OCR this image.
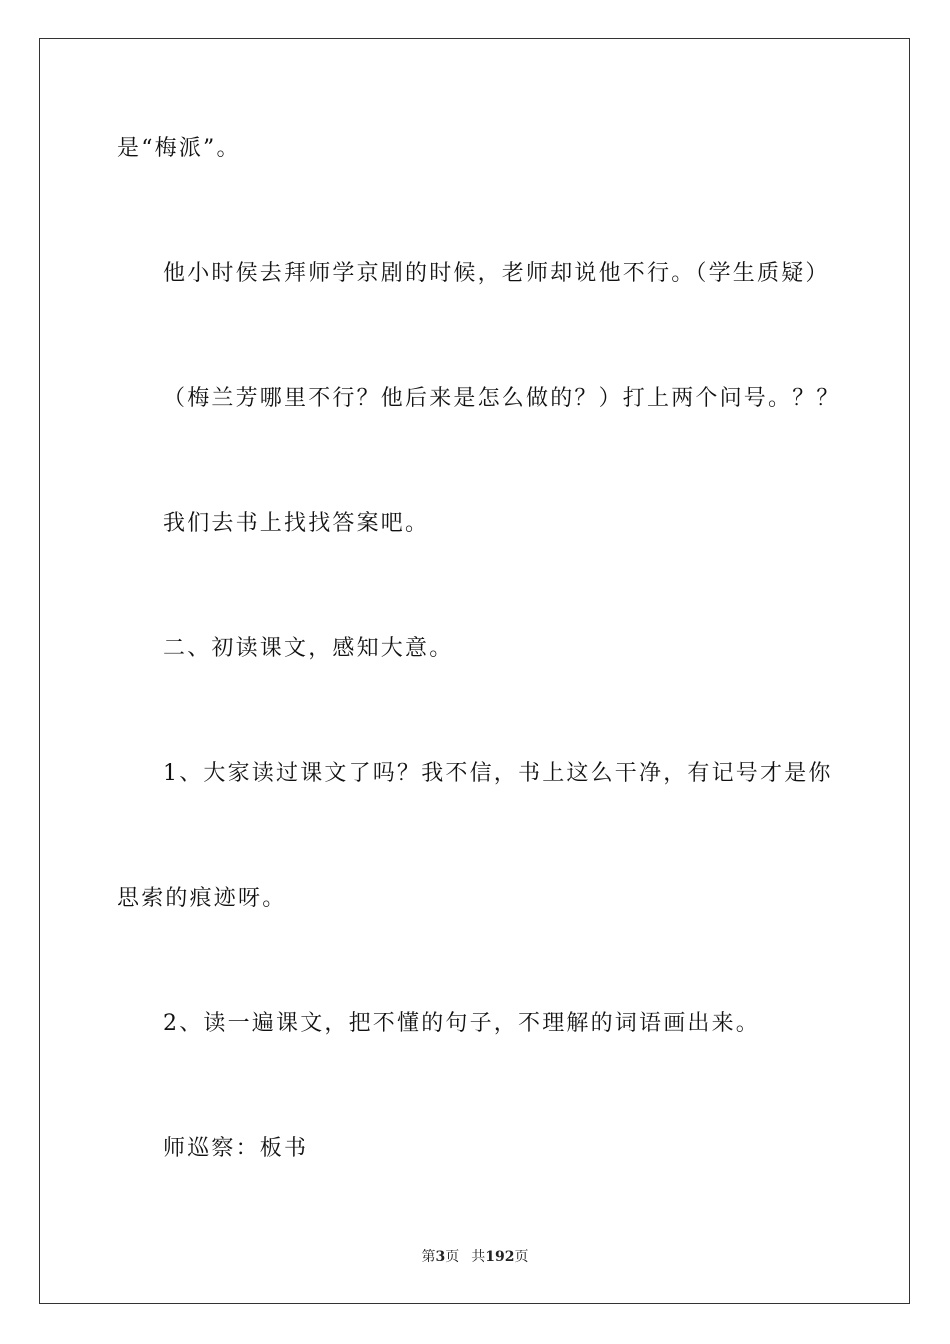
是“梅派”。

他小时侯去拜师学京剧的时候，老师却说他不行。（学生质疑）

（梅兰芳哪里不行？他后来是怎么做的？）打上两个问号。？？

我们去书上找找答案吧。

二、初读课文，感知大意。

1、大家读过课文了吗？我不信，书上这么干净，有记号才是你

思索的痕迹呀。

2、读一遍课文，把不懂的句子，不理解的词语画出来。

师巡察：板书

第3页 共192页
